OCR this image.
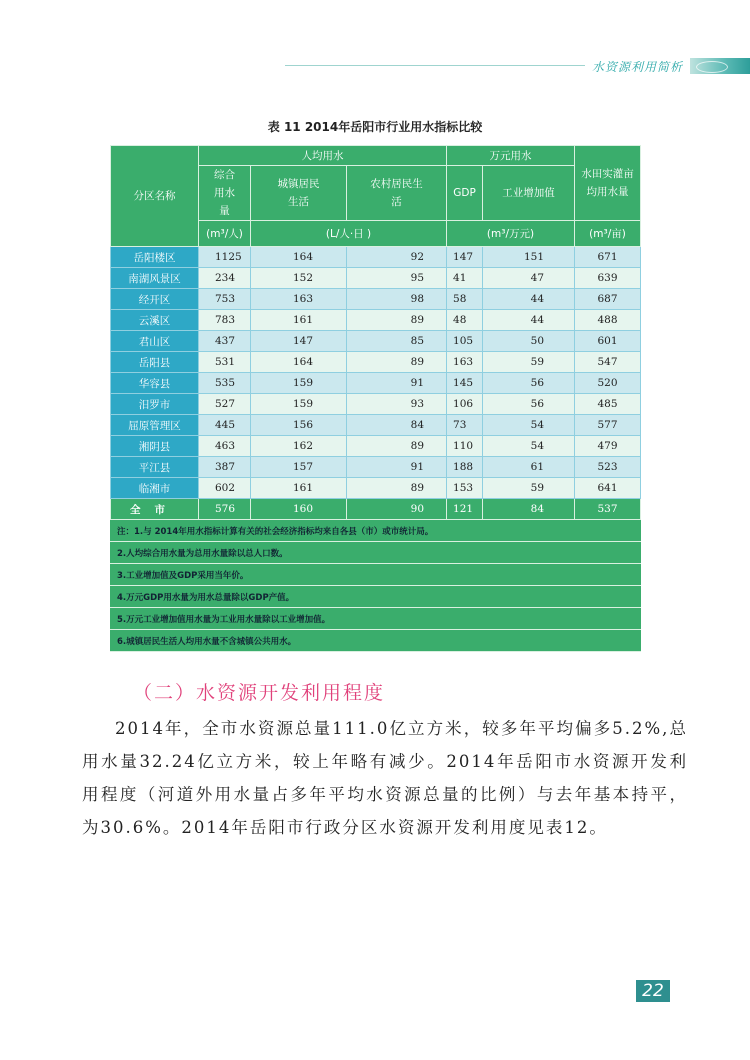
水资源利用简析
表 11 2014年岳阳市行业用水指标比较
分区名称	人均用水			万元用水		水田实灌亩均用水量

	综合用水量	城镇居民生活	农村居民生活	GDP	工业增加值	
	(m³/人)	(L/人·日 )		(m³/万元)		(m³/亩)
岳阳楼区	1125	164	92	147	151	671
南湖风景区	234	152	95	41	47	639
经开区	753	163	98	58	44	687
云溪区	783	161	89	48	44	488
君山区	437	147	85	105	50	601
岳阳县	531	164	89	163	59	547
华容县	535	159	91	145	56	520
汨罗市	527	159	93	106	56	485
屈原管理区	445	156	84	73	54	577
湘阴县	463	162	89	110	54	479
平江县	387	157	91	188	61	523
临湘市	602	161	89	153	59	641
全市	576	160	90	121	84	537
注：1.与 2014年用水指标计算有关的社会经济指标均来自各县（市）或市统计局。						
2.人均综合用水量为总用水量除以总人口数。						
3.工业增加值及GDP采用当年价。						
4.万元GDP用水量为用水总量除以GDP产值。						
5.万元工业增加值用水量为工业用水量除以工业增加值。						
6.城镇居民生活人均用水量不含城镇公共用水。						
（二）水资源开发利用程度
2014年，全市水资源总量111.0亿立方米，较多年平均偏多5.2%,总用水量32.24亿立方米，较上年略有减少。2014年岳阳市水资源开发利用程度（河道外用水量占多年平均水资源总量的比例）与去年基本持平，为30.6%。2014年岳阳市行政分区水资源开发利用度见表12。
22
